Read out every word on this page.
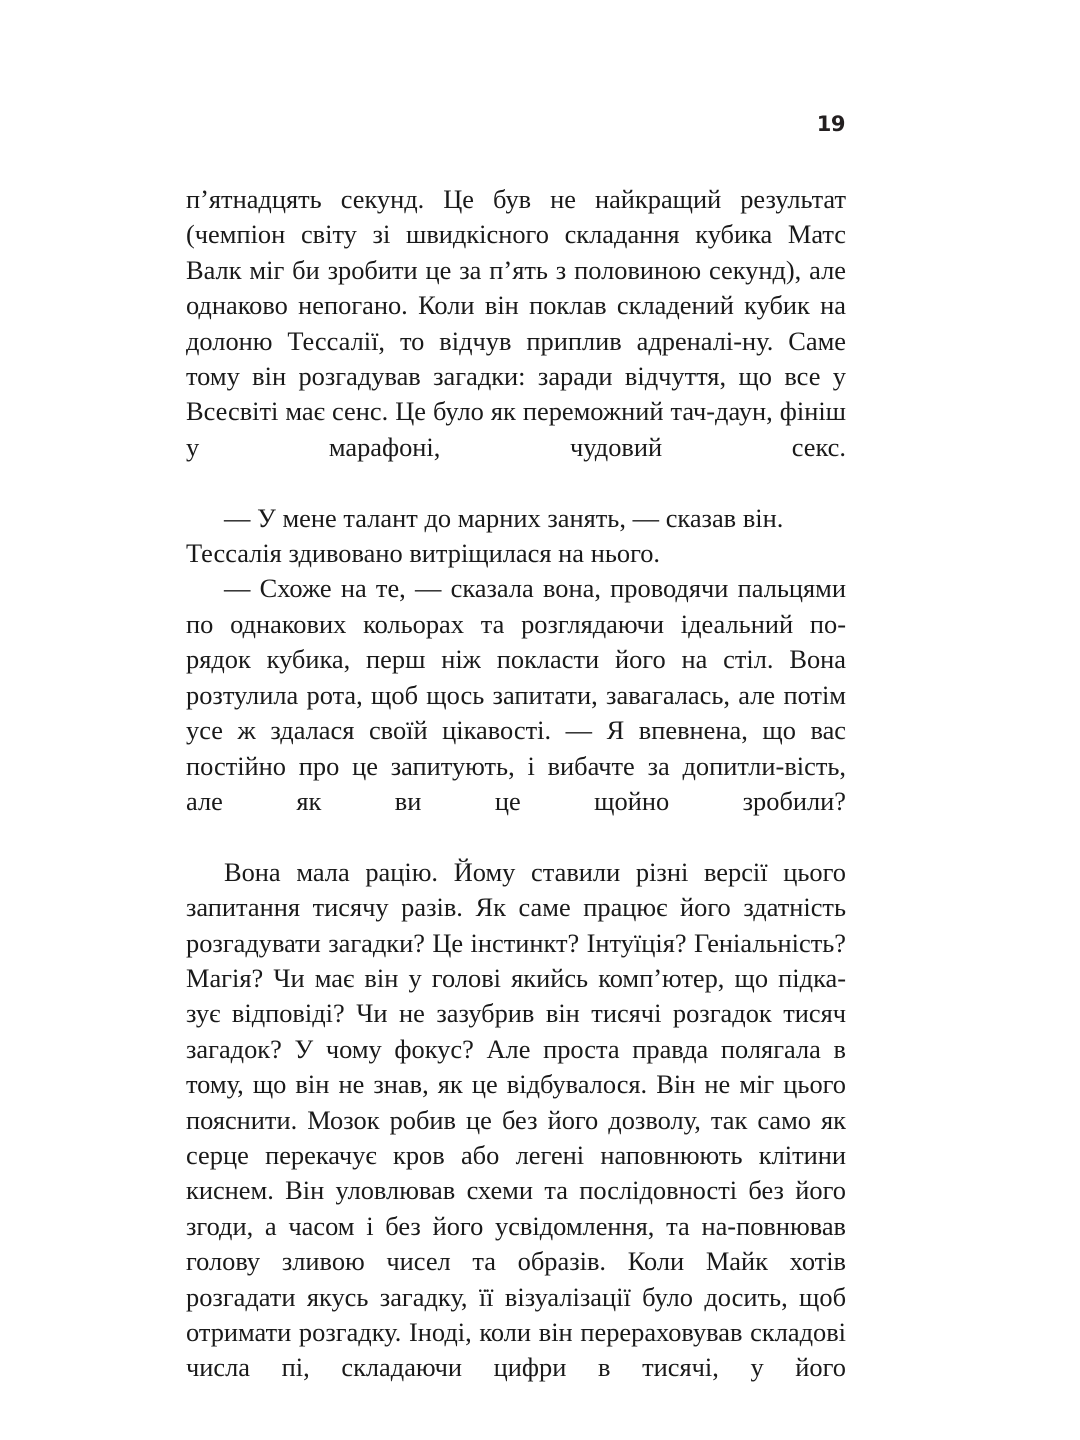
19

п’ятнадцять секунд. Це був не найкращий результат (чемпіон світу зі швидкісного складання кубика Матс Валк міг би зробити це за п’ять з половиною секунд), але однаково непогано. Коли він поклав складений кубик на долоню Тессалії, то відчув приплив адреналі-ну. Саме тому він розгадував загадки: заради відчуття, що все у Всесвіті має сенс. Це було як переможний тач-даун, фініш у марафоні, чудовий секс.

— У мене талант до марних занять, — сказав він.

Тессалія здивовано витріщилася на нього.

— Схоже на те, — сказала вона, проводячи пальцями по однакових кольорах та розглядаючи ідеальний по-рядок кубика, перш ніж покласти його на стіл. Вона розтулила рота, щоб щось запитати, завагалась, але потім усе ж здалася своїй цікавості. — Я впевнена, що вас постійно про це запитують, і вибачте за допитли-вість, але як ви це щойно зробили?

Вона мала рацію. Йому ставили різні версії цього запитання тисячу разів. Як саме працює його здатність розгадувати загадки? Це інстинкт? Інтуїція? Геніальність? Магія? Чи має він у голові якийсь комп’ютер, що підка-зує відповіді? Чи не зазубрив він тисячі розгадок тисяч загадок? У чому фокус? Але проста правда полягала в тому, що він не знав, як це відбувалося. Він не міг цього пояснити. Мозок робив це без його дозволу, так само як серце перекачує кров або легені наповнюють клітини киснем. Він уловлював схеми та послідовності без його згоди, а часом і без його усвідомлення, та на-повнював голову зливою чисел та образів. Коли Майк хотів розгадати якусь загадку, її візуалізації було досить, щоб отримати розгадку. Іноді, коли він перераховував складові числа пі, складаючи цифри в тисячі, у його
